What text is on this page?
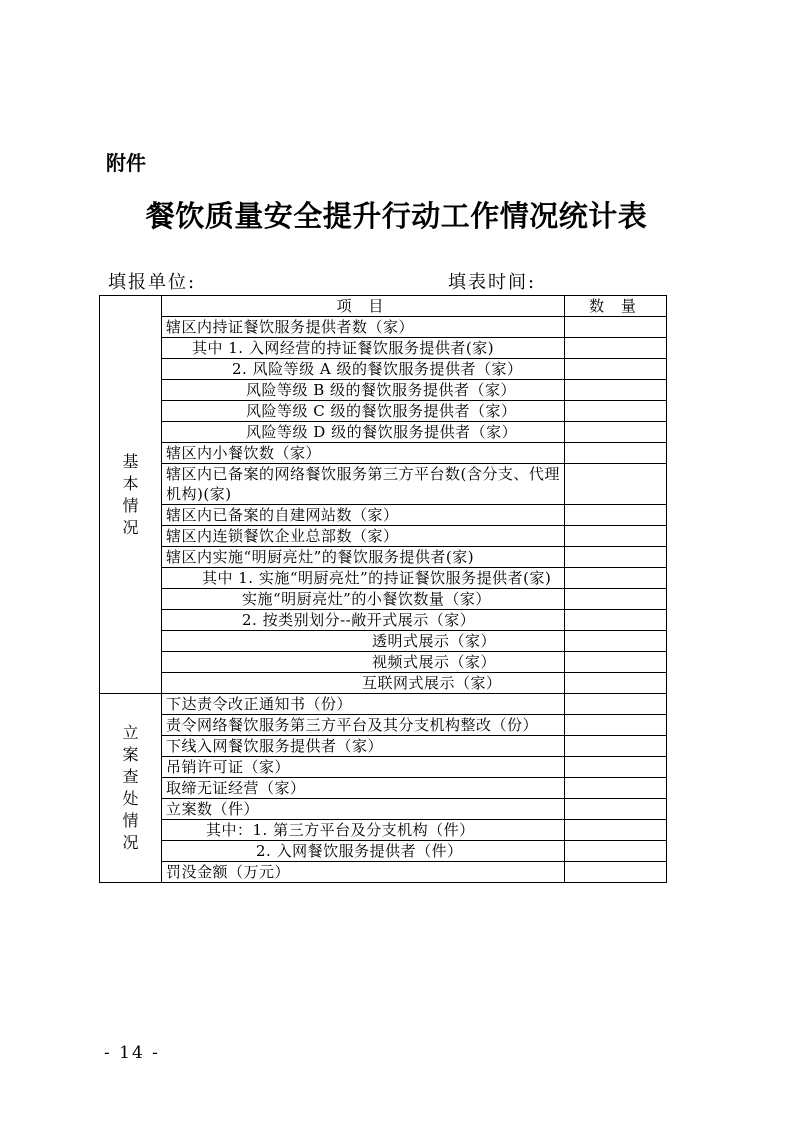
附件
餐饮质量安全提升行动工作情况统计表
填报单位:	填表时间:
基本情况	项 目	数 量
	辖区内持证餐饮服务提供者数（家）	
	其中 1. 入网经营的持证餐饮服务提供者(家)	
	2. 风险等级 A 级的餐饮服务提供者（家）	
	风险等级 B 级的餐饮服务提供者（家）	
	风险等级 C 级的餐饮服务提供者（家）	
	风险等级 D 级的餐饮服务提供者（家）	
	辖区内小餐饮数（家）	
	辖区内已备案的网络餐饮服务第三方平台数(含分支、代理机构)(家)	
	辖区内已备案的自建网站数（家）	
	辖区内连锁餐饮企业总部数（家）	
	辖区内实施“明厨亮灶”的餐饮服务提供者(家)	
	其中 1. 实施“明厨亮灶”的持证餐饮服务提供者(家)	
	实施“明厨亮灶”的小餐饮数量（家）	
	2. 按类别划分--敞开式展示（家）	
	透明式展示（家）	
	视频式展示（家）	
	互联网式展示（家）	
立案查处情况	下达责令改正通知书（份）	
	责令网络餐饮服务第三方平台及其分支机构整改（份）	
	下线入网餐饮服务提供者（家）	
	吊销许可证（家）	
	取缔无证经营（家）	
	立案数（件）	
	其中：1. 第三方平台及分支机构（件）	
	2. 入网餐饮服务提供者（件）	
	罚没金额（万元）	
- 14 -
